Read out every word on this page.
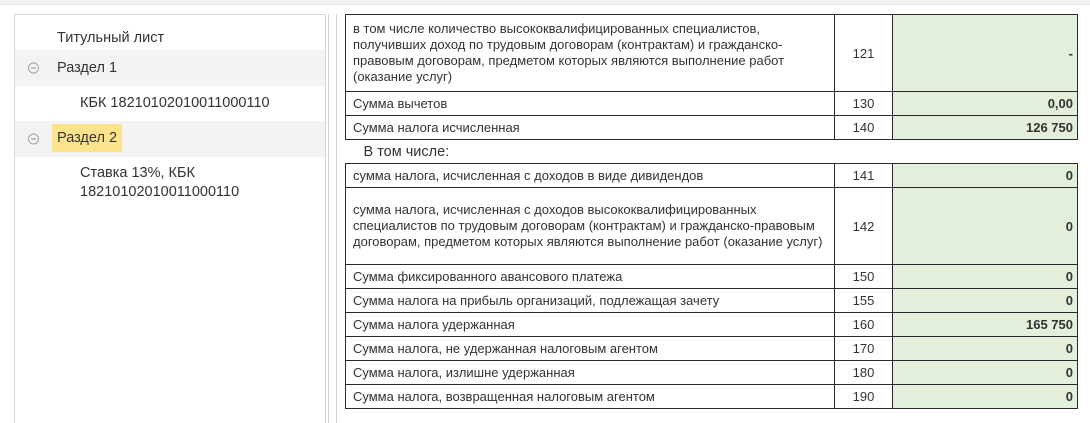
Титульный лист
Раздел 1
КБК 18210102010011000110
Раздел 2
Ставка 13%, КБК 18210102010011000110
в том числе количество высококвалифицированных специалистов, получивших доход по трудовым договорам (контрактам) и гражданско-правовым договорам, предметом которых являются выполнение работ (оказание услуг)	121	-
Сумма вычетов	130	0,00
Сумма налога исчисленная	140	126 750
В том числе:		
сумма налога, исчисленная с доходов в виде дивидендов	141	0
сумма налога, исчисленная с доходов высококвалифицированных специалистов по трудовым договорам (контрактам) и гражданско-правовым договорам, предметом которых являются выполнение работ (оказание услуг)	142	0
Сумма фиксированного авансового платежа	150	0
Сумма налога на прибыль организаций, подлежащая зачету	155	0
Сумма налога удержанная	160	165 750
Сумма налога, не удержанная налоговым агентом	170	0
Сумма налога, излишне удержанная	180	0
Сумма налога, возвращенная налоговым агентом	190	0
